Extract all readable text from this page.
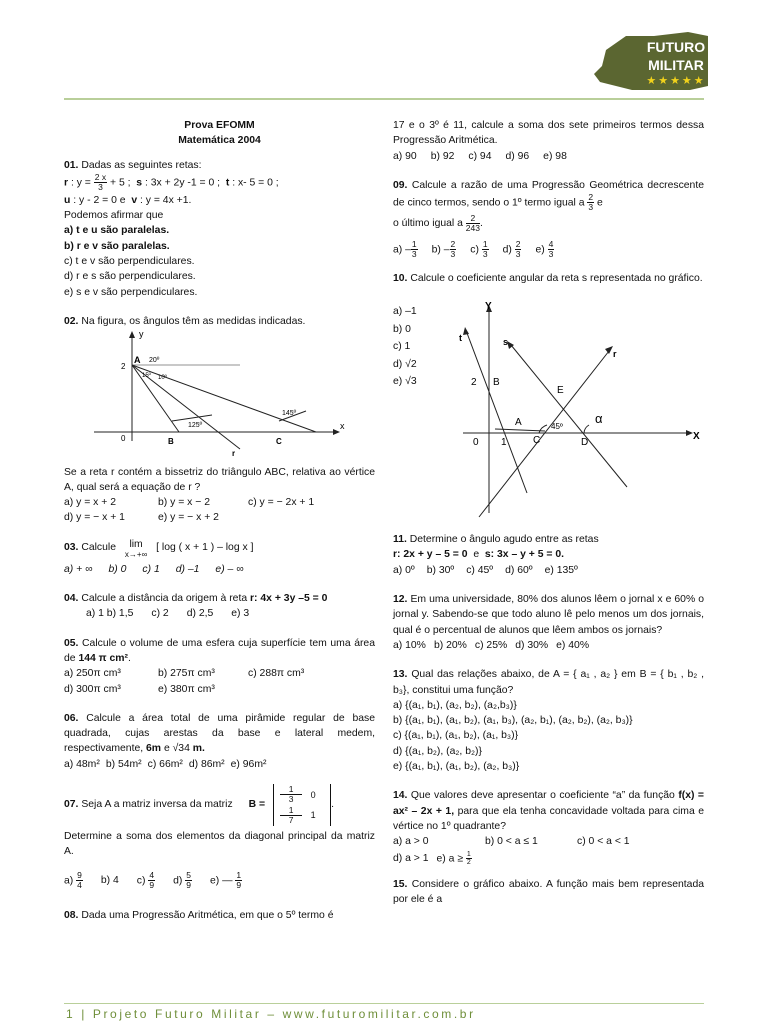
FUTURO
MILITAR
★★★★★
Prova EFOMM
Matemática 2004
01. Dadas as seguintes retas:
r : $y = \frac{2 x}{3} + 5$ ; s : 3x + 2y -1 = 0 ; t : x- 5 = 0 ;
u : y - 2 = 0 e v : y = 4x +1.
Podemos afirmar que
a) t e u são paralelas.
b) r e v são paralelas.
c) t e v são perpendiculares.
d) r e s são perpendiculares.
e) s e v são perpendiculares.
02. Na figura, os ângulos têm as medidas indicadas.
y
x
A
2
0	B	C
r
20º
15º 10º
125º
145º
Se a reta r contém a bissetriz do triângulo ABC, relativa ao vértice A, qual será a equação de r ?
a) y = x + 2	b) y = x − 2	c) y = − 2x + 1
d) y = − x + 1	e) y = − x + 2
03. Calcule	lim
x→+∞
[ log ( x + 1 ) – log x ]
a) + ∞ b) 0 c) 1 d) –1 e) – ∞
04. Calcule a distância da origem à reta r: 4x + 3y –5 = 0
a) 1 b) 1,5 c) 2 d) 2,5 e) 3
05. Calcule o volume de uma esfera cuja superfície tem uma área de 144 π cm².
a) 250π cm³	b) 275π cm³	c) 288π cm³
d) 300π cm³	e) 380π cm³
06. Calcule a área total de uma pirâmide regular de base quadrada, cujas arestas da base e lateral medem, respectivamente, 6m e √34 m.
a) 48m² b) 54m² c) 66m² d) 86m² e) 96m²
07.
Seja A a matriz inversa da matriz B =
1
3	0
1
7
1
.
Determine a soma dos elementos da diagonal principal da matriz A.
$a) \frac{9}{4} b$) 4 $c) \frac{4}{9} d) \frac{5}{9} e$) — $\frac{1}{9}$
08. Dada uma Progressão Aritmética, em que o 5º termo é
17 e o 3º é 11, calcule a soma dos sete primeiros termos dessa Progressão Aritmética.
a) 90 b) 92 c) 94 d) 96 e) 98
09. Calcule a razão de uma Progressão Geométrica decrescente de cinco termos, sendo o 1º termo igual a $\frac{2}{3}$ e
o último igual a $\frac{2}{243}$ .
$a) - \frac{1}{3} b) - \frac{2}{3} c) \frac{1}{3} d) \frac{2}{3} e) \frac{4}{3}$
10. Calcule o coeficiente angular da reta s representada no gráfico.
a) –1
b) 0
c) 1
d) √2
e) √3
Y
X
t	s
r
B
2
E
A
C	D
0 1
45º
α
11. Determine o ângulo agudo entre as retas
r: 2x + y – 5 = 0 e s: 3x – y + 5 = 0.
a) 0º b) 30º c) 45º d) 60º e) 135º
12. Em uma universidade, 80% dos alunos lêem o jornal x e 60% o jornal y. Sabendo-se que todo aluno lê pelo menos um dos jornais, qual é o percentual de alunos que lêem ambos os jornais?
a) 10% b) 20% c) 25% d) 30% e) 40%
13. Qual das relações abaixo, de A = { a₁ , a₂ } em B = { b₁ , b₂ , b₃}, constitui uma função?
a) {(a₁, b₁), (a₂, b₂), (a₂,b₃)}
b) {(a₁, b₁), (a₁, b₂), (a₁, b₃), (a₂, b₁), (a₂, b₂), (a₂, b₃)}
c) {(a₁, b₁), (a₁, b₂), (a₁, b₃)}
d) {(a₁, b₂), (a₂, b₂)}
e) {(a₁, b₁), (a₁, b₂), (a₂, b₃)}
14. Que valores deve apresentar o coeficiente “a” da função f(x) = ax² – 2x + 1, para que ela tenha concavidade voltada para cima e vértice no 1º quadrante?
a) a > 0	b) 0 < a ≤ 1	c) 0 < a < 1
d) a > 1 e) $a \ge \frac{1}{2}$
15. Considere o gráfico abaixo. A função mais bem representada por ele é a
1 | Projeto Futuro Militar – www.futuromilitar.com.br
